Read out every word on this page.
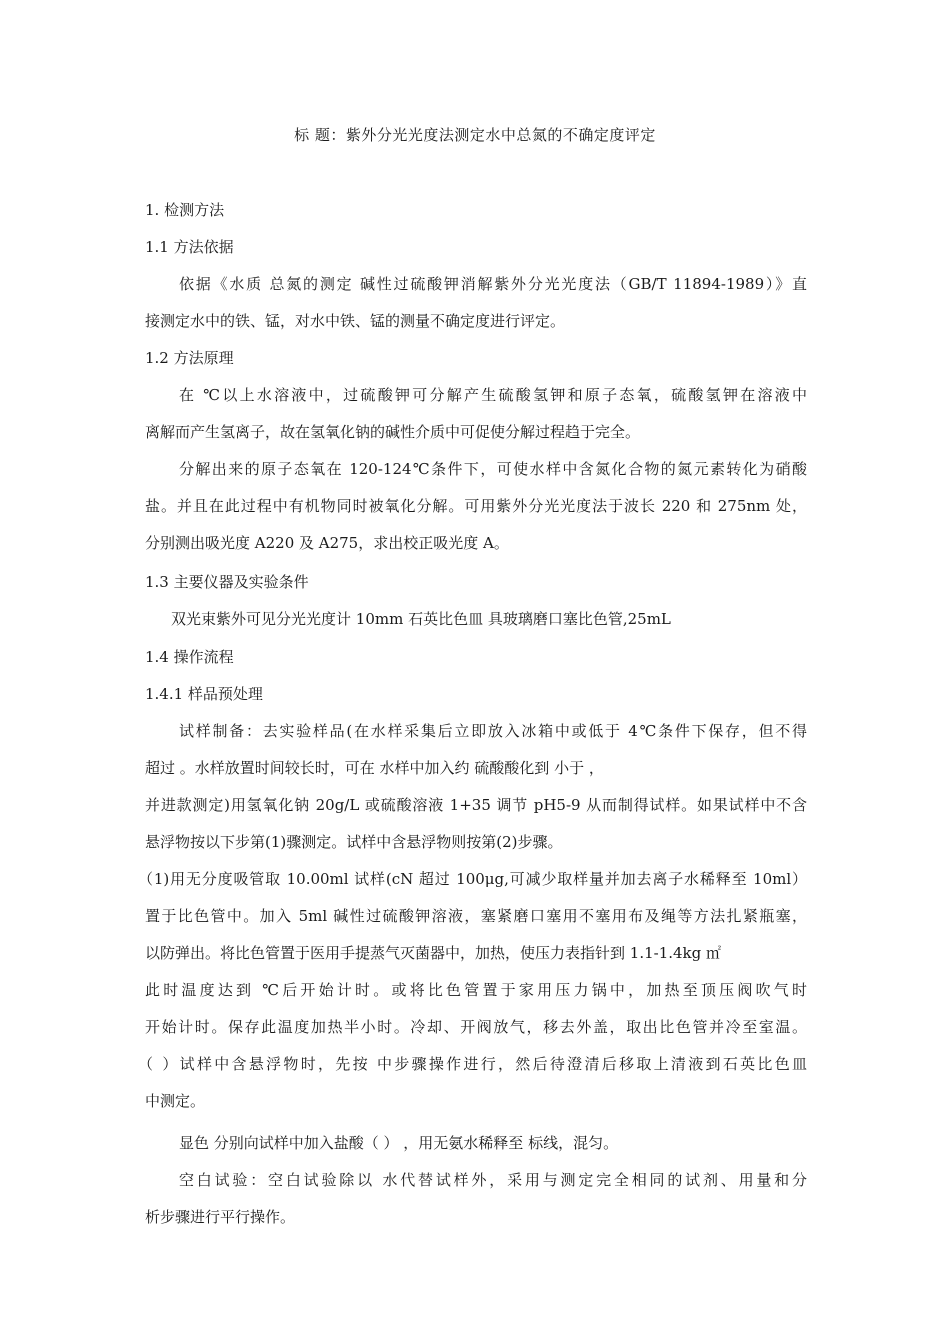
标 题：紫外分光光度法测定水中总氮的不确定度评定
1. 检测方法
1.1 方法依据
依据《水质 总氮的测定 碱性过硫酸钾消解紫外分光光度法（GB/T 11894-1989）》直
接测定水中的铁、锰，对水中铁、锰的测量不确定度进行评定。
1.2 方法原理
在 ℃以上水溶液中，过硫酸钾可分解产生硫酸氢钾和原子态氧，硫酸氢钾在溶液中
离解而产生氢离子，故在氢氧化钠的碱性介质中可促使分解过程趋于完全。
分解出来的原子态氧在 120-124℃条件下，可使水样中含氮化合物的氮元素转化为硝酸
盐。并且在此过程中有机物同时被氧化分解。可用紫外分光光度法于波长 220 和 275nm 处，
分别测出吸光度 A220 及 A275，求出校正吸光度 A。
1.3 主要仪器及实验条件
双光束紫外可见分光光度计 10mm 石英比色皿 具玻璃磨口塞比色管,25mL
1.4 操作流程
1.4.1 样品预处理
试样制备：去实验样品(在水样采集后立即放入冰箱中或低于 4℃条件下保存，但不得
超过 。水样放置时间较长时，可在 水样中加入约 硫酸酸化到 小于 ，
并进款测定)用氢氧化钠 20g/L 或硫酸溶液 1+35 调节 pH5-9 从而制得试样。如果试样中不含
悬浮物按以下步第(1)骤测定。试样中含悬浮物则按第(2)步骤。
（1)用无分度吸管取 10.00ml 试样(cN 超过 100μg,可减少取样量并加去离子水稀释至 10ml）
置于比色管中。加入 5ml 碱性过硫酸钾溶液，塞紧磨口塞用不塞用布及绳等方法扎紧瓶塞，
以防弹出。将比色管置于医用手提蒸气灭菌器中，加热，使压力表指针到 1.1-1.4kg ㎡
此时温度达到 ℃后开始计时。或将比色管置于家用压力锅中，加热至顶压阀吹气时
开始计时。保存此温度加热半小时。冷却、开阀放气，移去外盖，取出比色管并冷至室温。
（ ）试样中含悬浮物时，先按 中步骤操作进行，然后待澄清后移取上清液到石英比色皿
中测定。
显色 分别向试样中加入盐酸（ ） ，用无氨水稀释至 标线，混匀。
空白试验：空白试验除以 水代替试样外，采用与测定完全相同的试剂、用量和分
析步骤进行平行操作。
